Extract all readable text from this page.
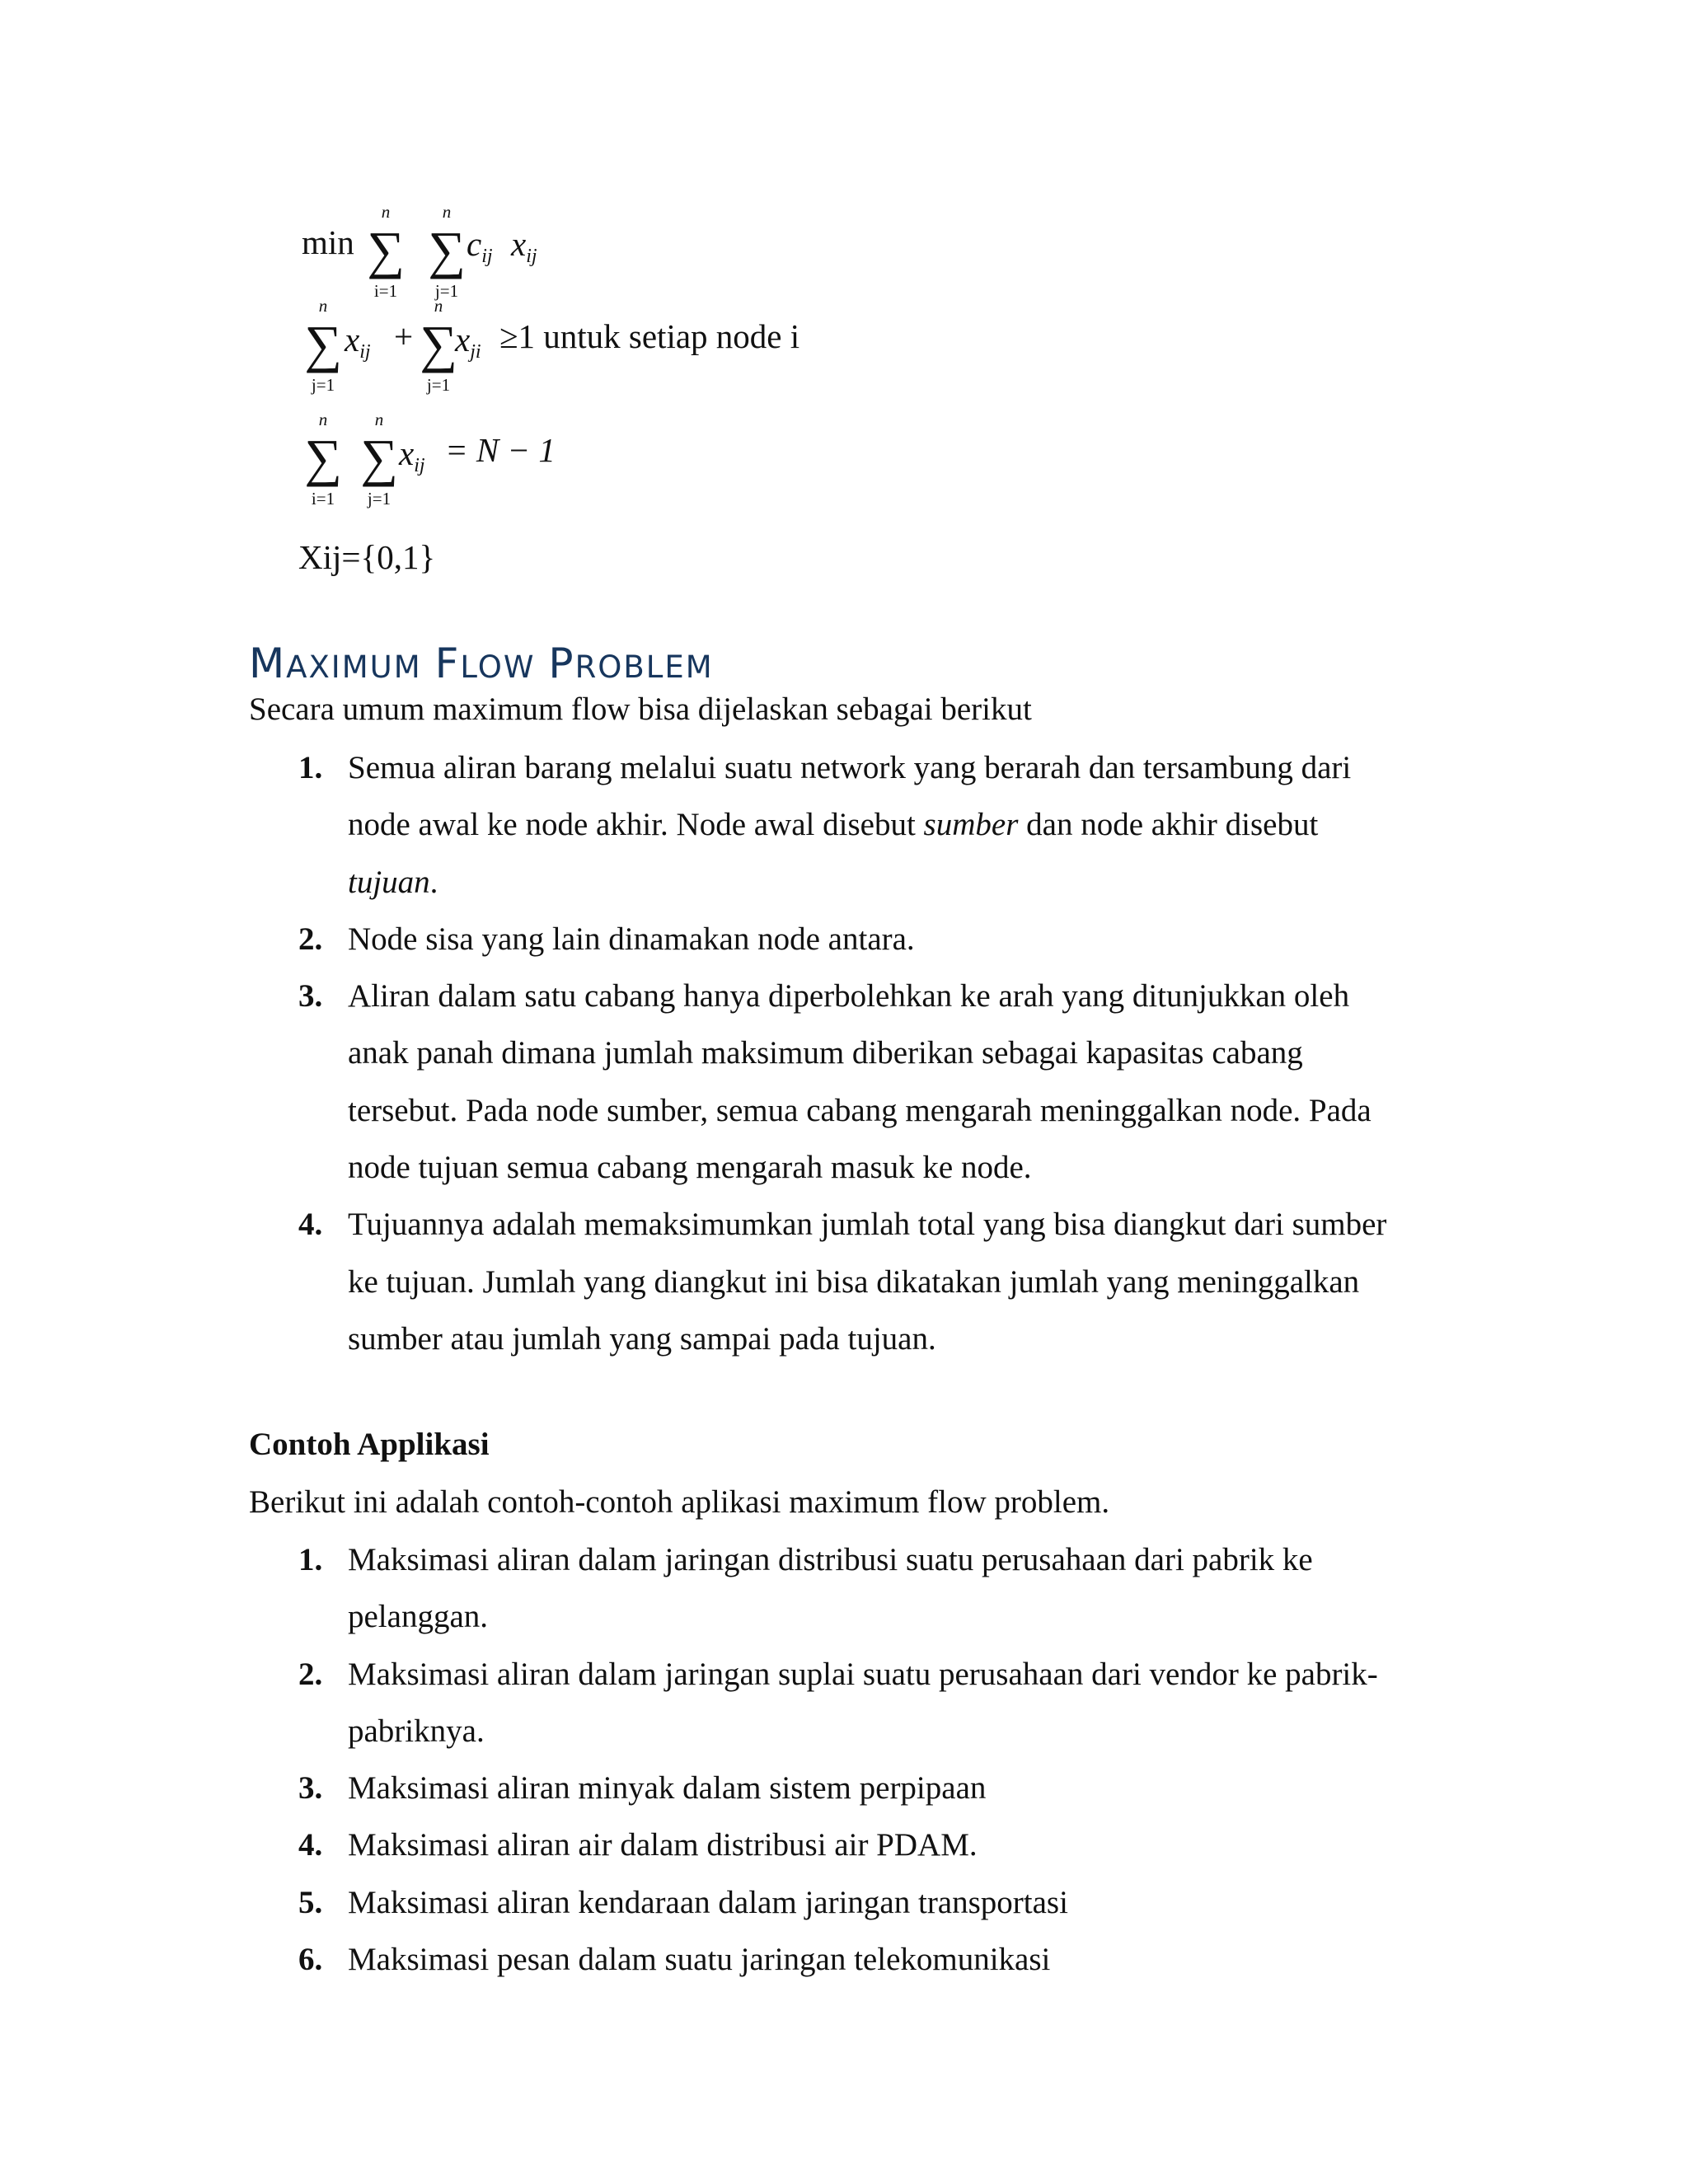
min
n
∑
i=1
n
∑
j=1
$c_{ij}$ $x_{ij}$
n
∑
j=1
$x_{ij}$ +
n
∑
j=1
$x_{ji} \ge 1$ untuk setiap node i
n
∑
i=1
n
∑
j=1
$x_{ij} = N - 1$
Xij={0,1}
MAXIMUM FLOW PROBLEM

Secara umum maximum flow bisa dijelaskan sebagai berikut

1. Semua aliran barang melalui suatu network yang berarah dan tersambung dari
node awal ke node akhir. Node awal disebut sumber dan node akhir disebut
tujuan.
2. Node sisa yang lain dinamakan node antara.
3. Aliran dalam satu cabang hanya diperbolehkan ke arah yang ditunjukkan oleh
anak panah dimana jumlah maksimum diberikan sebagai kapasitas cabang
tersebut. Pada node sumber, semua cabang mengarah meninggalkan node. Pada
node tujuan semua cabang mengarah masuk ke node.
4. Tujuannya adalah memaksimumkan jumlah total yang bisa diangkut dari sumber
ke tujuan. Jumlah yang diangkut ini bisa dikatakan jumlah yang meninggalkan
sumber atau jumlah yang sampai pada tujuan.

Contoh Applikasi

Berikut ini adalah contoh-contoh aplikasi maximum flow problem.

1. Maksimasi aliran dalam jaringan distribusi suatu perusahaan dari pabrik ke
pelanggan.
2. Maksimasi aliran dalam jaringan suplai suatu perusahaan dari vendor ke pabrik-
pabriknya.
3. Maksimasi aliran minyak dalam sistem perpipaan
4. Maksimasi aliran air dalam distribusi air PDAM.
5. Maksimasi aliran kendaraan dalam jaringan transportasi
6. Maksimasi pesan dalam suatu jaringan telekomunikasi
